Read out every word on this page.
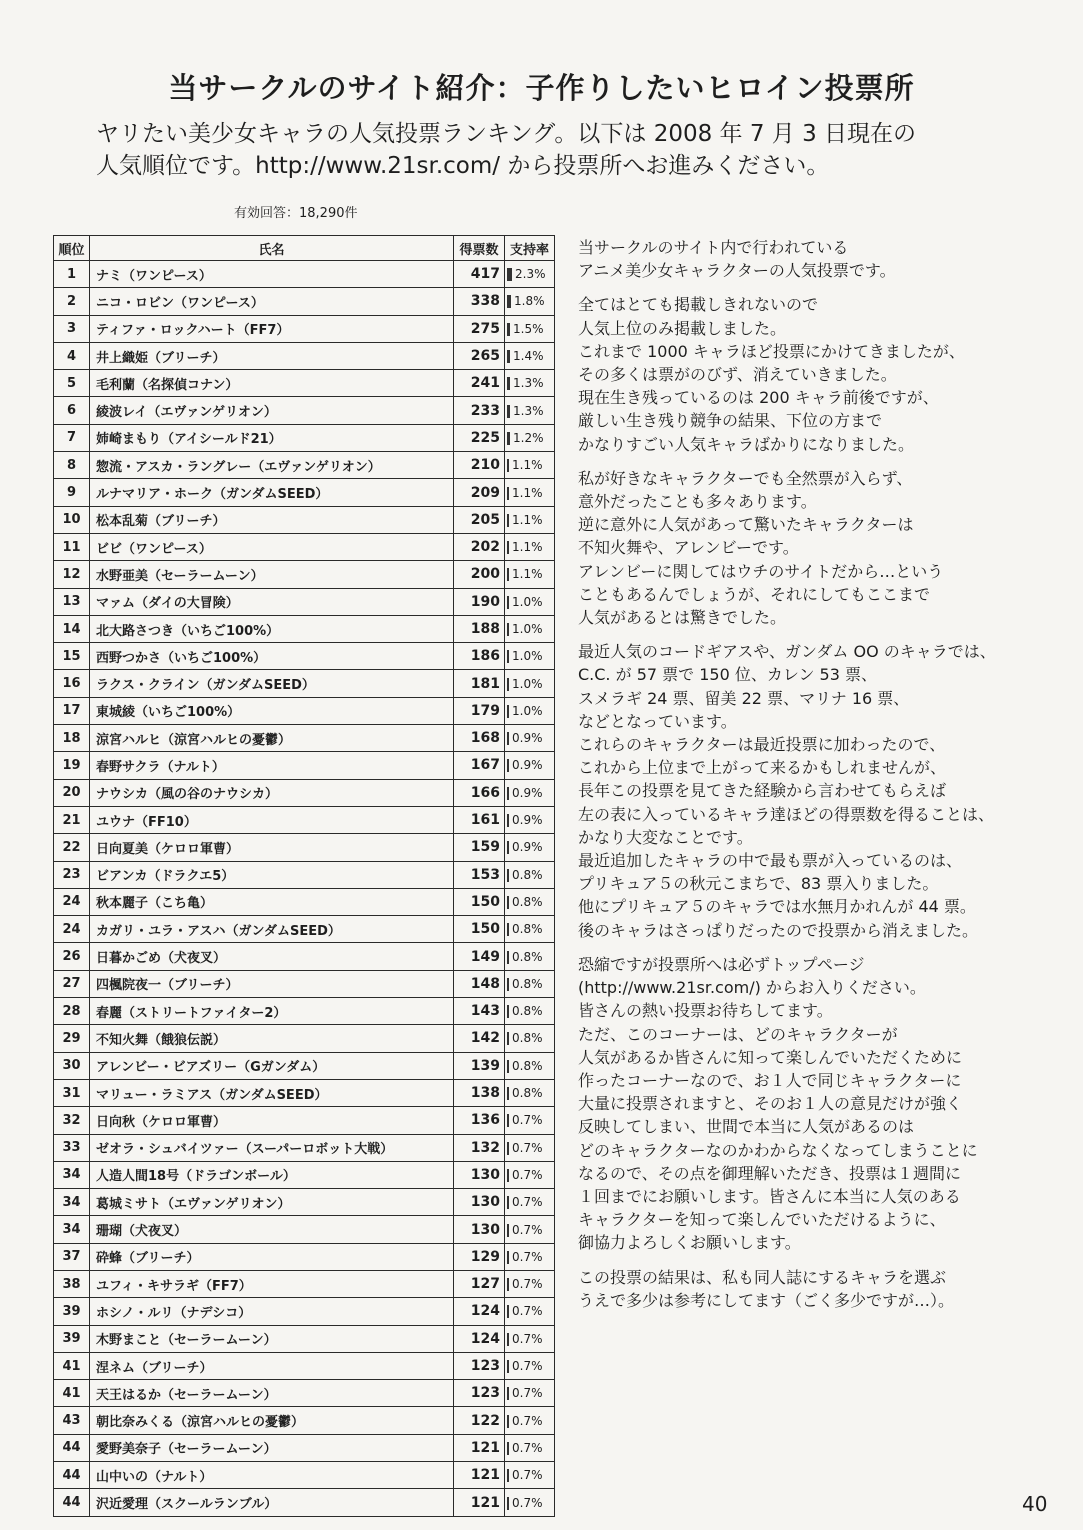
当サークルのサイト紹介：子作りしたいヒロイン投票所
ヤリたい美少女キャラの人気投票ランキング。以下は 2008 年 7 月 3 日現在の
人気順位です。http://www.21sr.com/ から投票所へお進みください。
有効回答：18,290件
順位	氏名	得票数	支持率
1	ナミ（ワンピース）	417	2.3%
2	ニコ・ロビン（ワンピース）	338	1.8%
3	ティファ・ロックハート（FF7）	275	1.5%
4	井上織姫（ブリーチ）	265	1.4%
5	毛利蘭（名探偵コナン）	241	1.3%
6	綾波レイ（エヴァンゲリオン）	233	1.3%
7	姉崎まもり（アイシールド21）	225	1.2%
8	惣流・アスカ・ラングレー（エヴァンゲリオン）	210	1.1%
9	ルナマリア・ホーク（ガンダムSEED）	209	1.1%
10	松本乱菊（ブリーチ）	205	1.1%
11	ビビ（ワンピース）	202	1.1%
12	水野亜美（セーラームーン）	200	1.1%
13	マァム（ダイの大冒険）	190	1.0%
14	北大路さつき（いちご100%）	188	1.0%
15	西野つかさ（いちご100%）	186	1.0%
16	ラクス・クライン（ガンダムSEED）	181	1.0%
17	東城綾（いちご100%）	179	1.0%
18	涼宮ハルヒ（涼宮ハルヒの憂鬱）	168	0.9%
19	春野サクラ（ナルト）	167	0.9%
20	ナウシカ（風の谷のナウシカ）	166	0.9%
21	ユウナ（FF10）	161	0.9%
22	日向夏美（ケロロ軍曹）	159	0.9%
23	ビアンカ（ドラクエ5）	153	0.8%
24	秋本麗子（こち亀）	150	0.8%
24	カガリ・ユラ・アスハ（ガンダムSEED）	150	0.8%
26	日暮かごめ（犬夜叉）	149	0.8%
27	四楓院夜一（ブリーチ）	148	0.8%
28	春麗（ストリートファイター2）	143	0.8%
29	不知火舞（餓狼伝説）	142	0.8%
30	アレンビー・ビアズリー（Gガンダム）	139	0.8%
31	マリュー・ラミアス（ガンダムSEED）	138	0.8%
32	日向秋（ケロロ軍曹）	136	0.7%
33	ゼオラ・シュバイツァー（スーパーロボット大戦）	132	0.7%
34	人造人間18号（ドラゴンボール）	130	0.7%
34	葛城ミサト（エヴァンゲリオン）	130	0.7%
34	珊瑚（犬夜叉）	130	0.7%
37	砕蜂（ブリーチ）	129	0.7%
38	ユフィ・キサラギ（FF7）	127	0.7%
39	ホシノ・ルリ（ナデシコ）	124	0.7%
39	木野まこと（セーラームーン）	124	0.7%
41	涅ネム（ブリーチ）	123	0.7%
41	天王はるか（セーラームーン）	123	0.7%
43	朝比奈みくる（涼宮ハルヒの憂鬱）	122	0.7%
44	愛野美奈子（セーラームーン）	121	0.7%
44	山中いの（ナルト）	121	0.7%
44	沢近愛理（スクールランブル）	121	0.7%
当サークルのサイト内で行われている
アニメ美少女キャラクターの人気投票です。
全てはとても掲載しきれないので
人気上位のみ掲載しました。
これまで 1000 キャラほど投票にかけてきましたが、
その多くは票がのびず、消えていきました。
現在生き残っているのは 200 キャラ前後ですが、
厳しい生き残り競争の結果、下位の方まで
かなりすごい人気キャラばかりになりました。
私が好きなキャラクターでも全然票が入らず、
意外だったことも多々あります。
逆に意外に人気があって驚いたキャラクターは
不知火舞や、アレンビーです。
アレンビーに関してはウチのサイトだから…という
こともあるんでしょうが、それにしてもここまで
人気があるとは驚きでした。
最近人気のコードギアスや、ガンダム OO のキャラでは、
C.C. が 57 票で 150 位、カレン 53 票、
スメラギ 24 票、留美 22 票、マリナ 16 票、
などとなっています。
これらのキャラクターは最近投票に加わったので、
これから上位まで上がって来るかもしれませんが、
長年この投票を見てきた経験から言わせてもらえば
左の表に入っているキャラ達ほどの得票数を得ることは、
かなり大変なことです。
最近追加したキャラの中で最も票が入っているのは、
プリキュア５の秋元こまちで、83 票入りました。
他にプリキュア５のキャラでは水無月かれんが 44 票。
後のキャラはさっぱりだったので投票から消えました。
恐縮ですが投票所へは必ずトップページ
(http://www.21sr.com/) からお入りください。
皆さんの熱い投票お待ちしてます。
ただ、このコーナーは、どのキャラクターが
人気があるか皆さんに知って楽しんでいただくために
作ったコーナーなので、お１人で同じキャラクターに
大量に投票されますと、そのお１人の意見だけが強く
反映してしまい、世間で本当に人気があるのは
どのキャラクターなのかわからなくなってしまうことに
なるので、その点を御理解いただき、投票は１週間に
１回までにお願いします。皆さんに本当に人気のある
キャラクターを知って楽しんでいただけるように、
御協力よろしくお願いします。
この投票の結果は、私も同人誌にするキャラを選ぶ
うえで多少は参考にしてます（ごく多少ですが…）。
40
